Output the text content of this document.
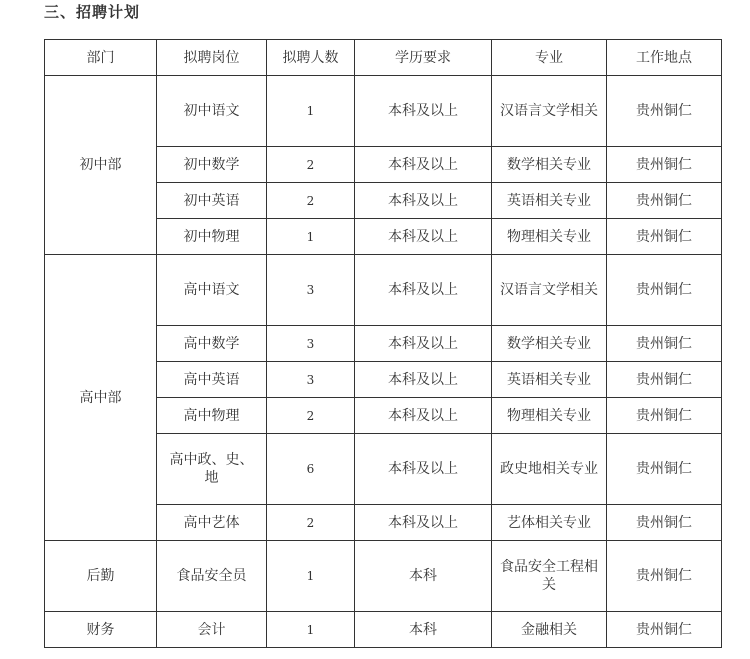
三、招聘计划
部门	拟聘岗位	拟聘人数	学历要求	专业	工作地点
初中部	初中语文	1	本科及以上	汉语言文学相关	贵州铜仁
	初中数学	2	本科及以上	数学相关专业	贵州铜仁
	初中英语	2	本科及以上	英语相关专业	贵州铜仁
	初中物理	1	本科及以上	物理相关专业	贵州铜仁
高中部	高中语文	3	本科及以上	汉语言文学相关	贵州铜仁
	高中数学	3	本科及以上	数学相关专业	贵州铜仁
	高中英语	3	本科及以上	英语相关专业	贵州铜仁
	高中物理	2	本科及以上	物理相关专业	贵州铜仁
	高中政、史、地	6	本科及以上	政史地相关专业	贵州铜仁
	高中艺体	2	本科及以上	艺体相关专业	贵州铜仁
后勤	食品安全员	1	本科	食品安全工程相关	贵州铜仁
财务	会计	1	本科	金融相关	贵州铜仁
